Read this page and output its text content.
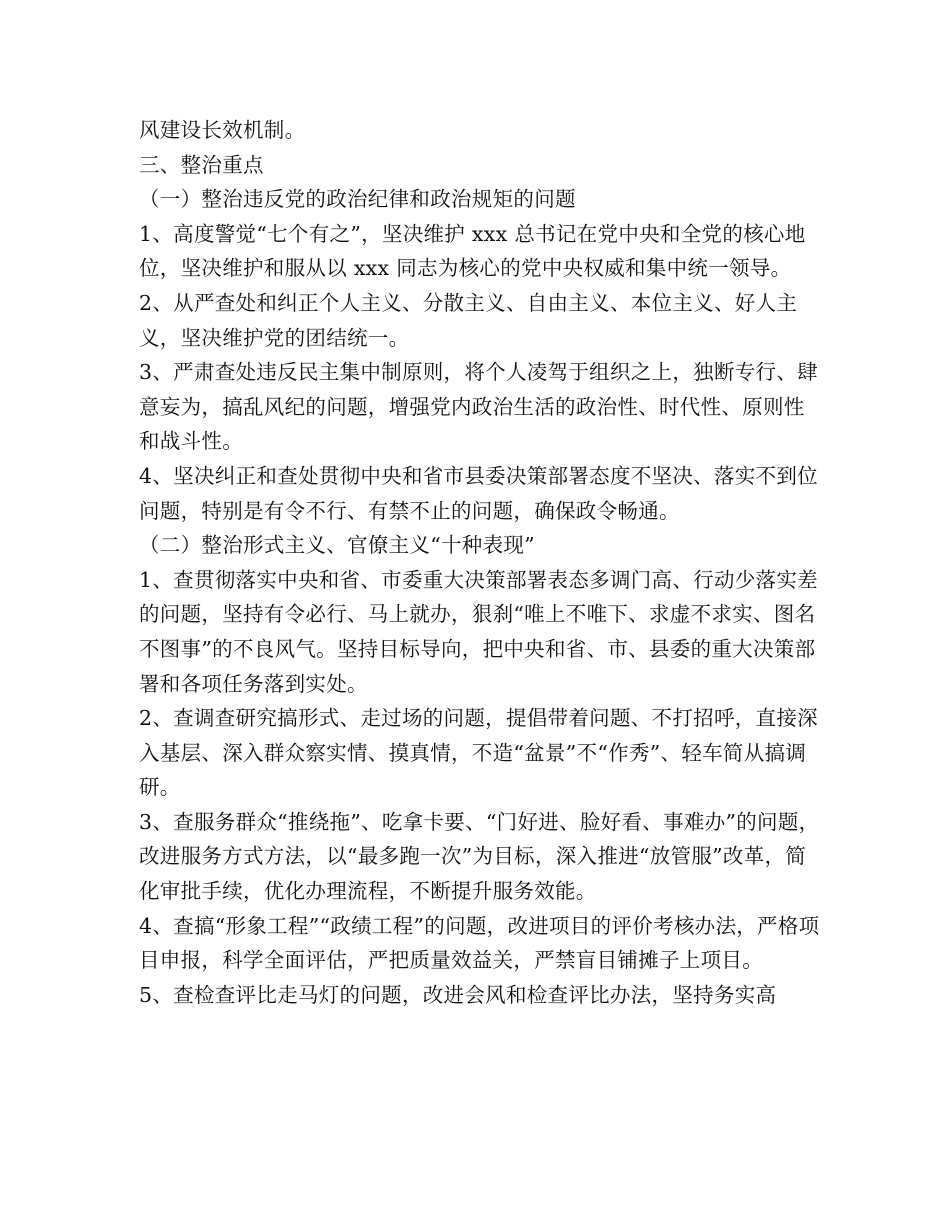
风建设长效机制。

三、整治重点

（一）整治违反党的政治纪律和政治规矩的问题

1、高度警觉“七个有之”，坚决维护 xxx 总书记在党中央和全党的核心地位，坚决维护和服从以 xxx 同志为核心的党中央权威和集中统一领导。

2、从严查处和纠正个人主义、分散主义、自由主义、本位主义、好人主义，坚决维护党的团结统一。

3、严肃查处违反民主集中制原则，将个人凌驾于组织之上，独断专行、肆意妄为，搞乱风纪的问题，增强党内政治生活的政治性、时代性、原则性和战斗性。

4、坚决纠正和查处贯彻中央和省市县委决策部署态度不坚决、落实不到位问题，特别是有令不行、有禁不止的问题，确保政令畅通。

（二）整治形式主义、官僚主义“十种表现”

1、查贯彻落实中央和省、市委重大决策部署表态多调门高、行动少落实差的问题，坚持有令必行、马上就办，狠刹“唯上不唯下、求虚不求实、图名不图事”的不良风气。坚持目标导向，把中央和省、市、县委的重大决策部署和各项任务落到实处。

2、查调查研究搞形式、走过场的问题，提倡带着问题、不打招呼，直接深入基层、深入群众察实情、摸真情，不造“盆景”不“作秀”、轻车简从搞调研。

3、查服务群众“推绕拖”、吃拿卡要、“门好进、脸好看、事难办”的问题，改进服务方式方法，以“最多跑一次”为目标，深入推进“放管服”改革，简化审批手续，优化办理流程，不断提升服务效能。

4、查搞“形象工程”“政绩工程”的问题，改进项目的评价考核办法，严格项目申报，科学全面评估，严把质量效益关，严禁盲目铺摊子上项目。

5、查检查评比走马灯的问题，改进会风和检查评比办法，坚持务实高
